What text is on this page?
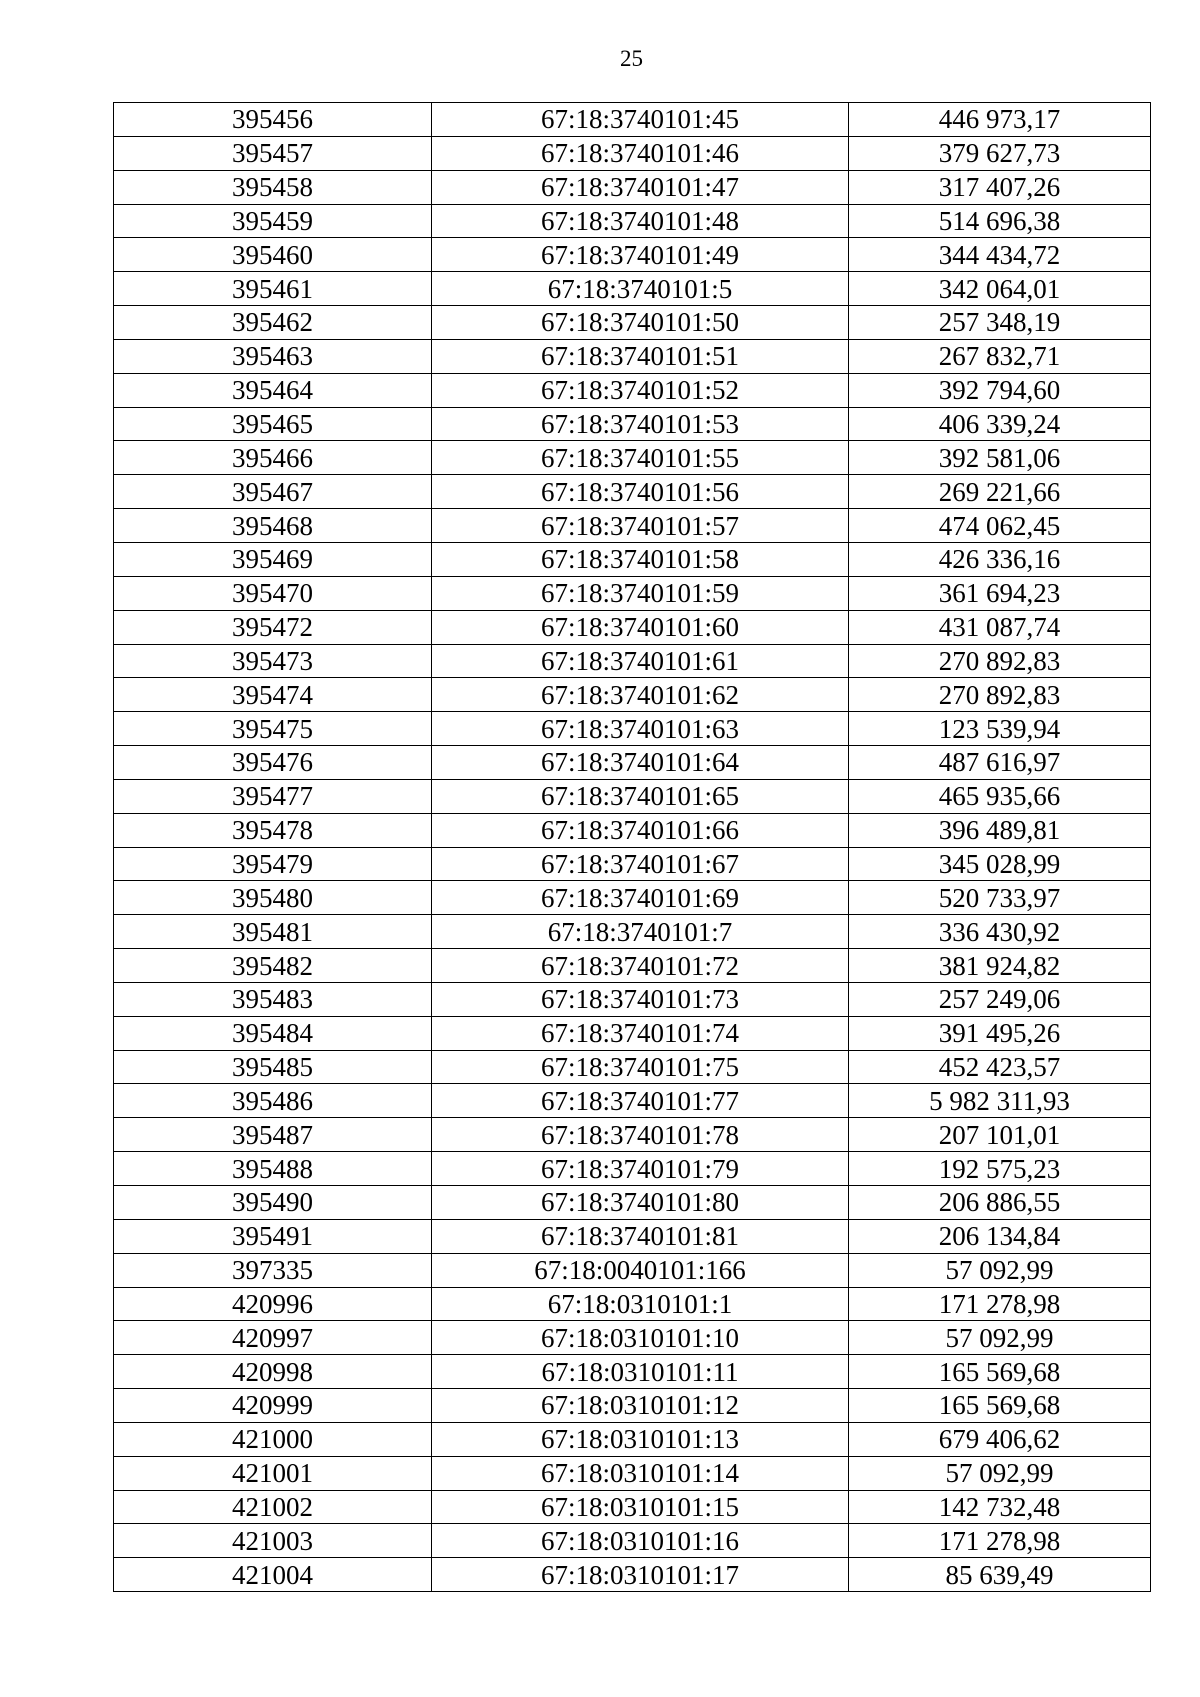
25
395456	67:18:3740101:45	446 973,17
395457	67:18:3740101:46	379 627,73
395458	67:18:3740101:47	317 407,26
395459	67:18:3740101:48	514 696,38
395460	67:18:3740101:49	344 434,72
395461	67:18:3740101:5	342 064,01
395462	67:18:3740101:50	257 348,19
395463	67:18:3740101:51	267 832,71
395464	67:18:3740101:52	392 794,60
395465	67:18:3740101:53	406 339,24
395466	67:18:3740101:55	392 581,06
395467	67:18:3740101:56	269 221,66
395468	67:18:3740101:57	474 062,45
395469	67:18:3740101:58	426 336,16
395470	67:18:3740101:59	361 694,23
395472	67:18:3740101:60	431 087,74
395473	67:18:3740101:61	270 892,83
395474	67:18:3740101:62	270 892,83
395475	67:18:3740101:63	123 539,94
395476	67:18:3740101:64	487 616,97
395477	67:18:3740101:65	465 935,66
395478	67:18:3740101:66	396 489,81
395479	67:18:3740101:67	345 028,99
395480	67:18:3740101:69	520 733,97
395481	67:18:3740101:7	336 430,92
395482	67:18:3740101:72	381 924,82
395483	67:18:3740101:73	257 249,06
395484	67:18:3740101:74	391 495,26
395485	67:18:3740101:75	452 423,57
395486	67:18:3740101:77	5 982 311,93
395487	67:18:3740101:78	207 101,01
395488	67:18:3740101:79	192 575,23
395490	67:18:3740101:80	206 886,55
395491	67:18:3740101:81	206 134,84
397335	67:18:0040101:166	57 092,99
420996	67:18:0310101:1	171 278,98
420997	67:18:0310101:10	57 092,99
420998	67:18:0310101:11	165 569,68
420999	67:18:0310101:12	165 569,68
421000	67:18:0310101:13	679 406,62
421001	67:18:0310101:14	57 092,99
421002	67:18:0310101:15	142 732,48
421003	67:18:0310101:16	171 278,98
421004	67:18:0310101:17	85 639,49
